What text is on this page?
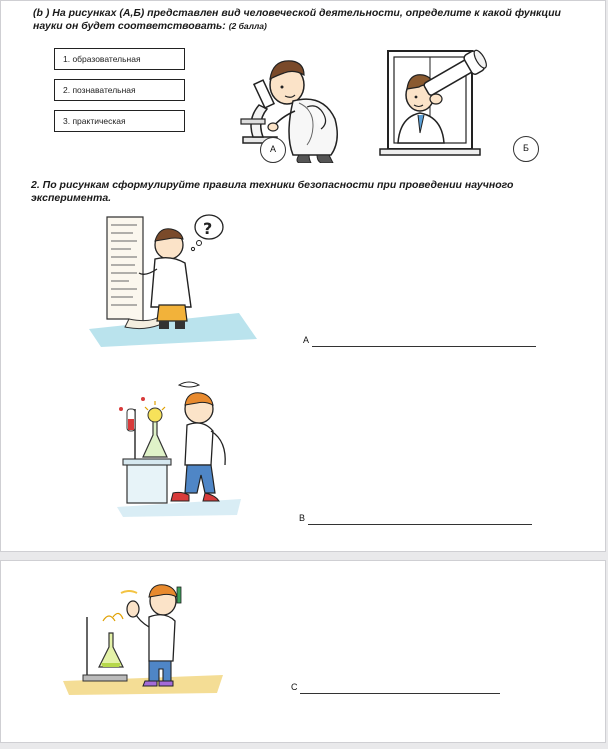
(b ) На рисунках (А,Б) представлен вид человеческой деятельности, определите к какой функции науки он будет соответствовать: (2 балла)
1. образовательная
2. познавательная
3. практическая
А	Б
2. По рисункам сформулируйте правила техники безопасности при проведении научного эксперимента.
?
А
В
С
